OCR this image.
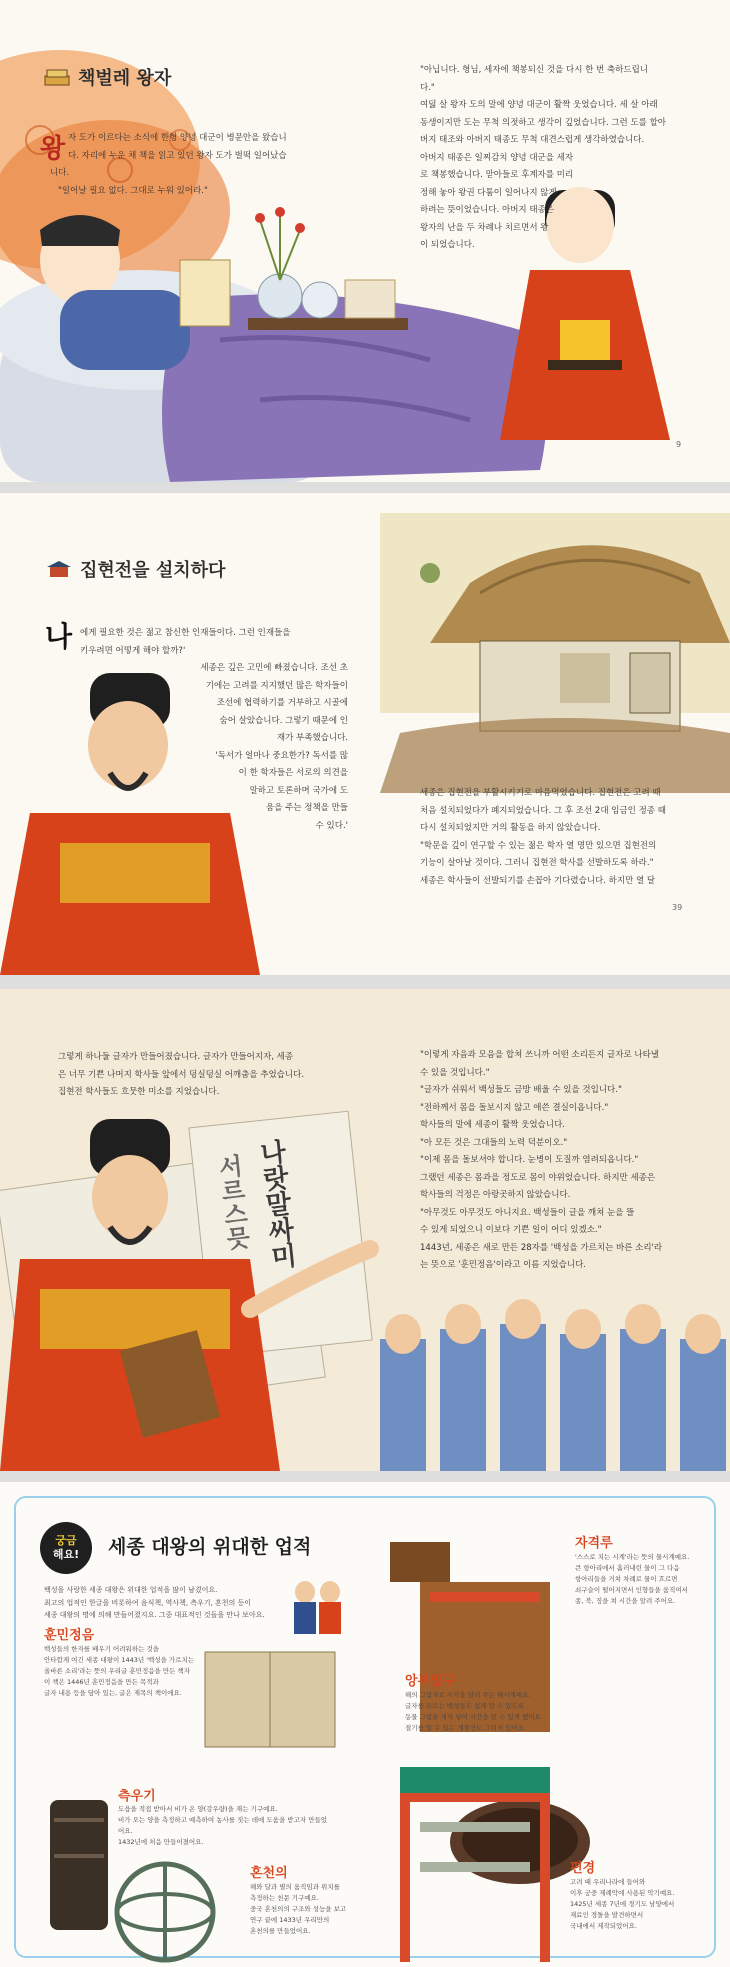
책벌레 왕자
왕 자 도가 이르다는 소식에 한형 양녕 대군이 병문안을 왔습니

다. 자리에 누운 채 책을 읽고 있던 왕자 도가 벌떡 일어났습

니다.

"일어날 필요 없다. 그대로 누워 있어라."

"아닙니다. 형님, 세자에 책봉되신 것을 다시 한 번 축하드립니

다."

여덟 살 왕자 도의 말에 양녕 대군이 활짝 웃었습니다. 세 살 아래

동생이지만 도는 무척 의젓하고 생각이 깊었습니다. 그런 도를 할아

버지 태조와 아버지 태종도 무척 대견스럽게 생각하였습니다.

아버지 태종은 일찌감치 양녕 대군을 세자

로 책봉했습니다. 맏아들로 후계자를 미리

정해 놓아 왕권 다툼이 일어나지 않게

하려는 뜻이었습니다. 아버지 태종은

왕자의 난을 두 차례나 치르면서 왕

이 되었습니다.

9
집현전을 설치하다
나 에게 필요한 것은 젊고 참신한 인재들이다. 그런 인재들을

키우려면 어떻게 해야 할까?'

세종은 깊은 고민에 빠졌습니다. 조선 초

기에는 고려를 지지했던 많은 학자들이

조선에 협력하기를 거부하고 시골에

숨어 살았습니다. 그렇기 때문에 인

재가 부족했습니다.

'독서가 얼마나 중요한가? 독서를 많

이 한 학자들은 서로의 의견을

말하고 토론하며 국가에 도

움을 주는 정책을 만들

수 있다.'

세종은 집현전을 부활시키기로 마음먹었습니다. 집현전은 고려 때

처음 설치되었다가 폐지되었습니다. 그 후 조선 2대 임금인 정종 때

다시 설치되었지만 거의 활동을 하지 않았습니다.

"학문을 깊이 연구할 수 있는 젊은 학자 열 명만 있으면 집현전의

기능이 살아날 것이다. 그러니 집현전 학사를 선발하도록 하라."

세종은 학사들이 선발되기를 손꼽아 기다렸습니다. 하지만 열 달

39
나랏말싸미
서르스믓

그렇게 하나둘 글자가 만들어졌습니다. 글자가 만들어지자, 세종

은 너무 기쁜 나머지 학사들 앞에서 덩실덩실 어깨춤을 추었습니다.

집현전 학사들도 흐뭇한 미소를 지었습니다.

"이렇게 자음과 모음을 합쳐 쓰니까 어떤 소리든지 글자로 나타낼

수 있을 것입니다."

"글자가 쉬워서 백성들도 금방 배울 수 있을 것입니다."

"전하께서 몸을 돌보시지 않고 애쓴 결실이옵니다."

학사들의 말에 세종이 활짝 웃었습니다.

"아 모든 것은 그대들의 노력 덕분이오."

"이제 몸을 돌보셔야 합니다. 눈병이 도질까 염려되옵니다."

그랬던 세종은 몸과을 정도로 몸이 야위었습니다. 하지만 세종은

학사들의 걱정은 아랑곳하지 않았습니다.

"아무것도 아무것도 아니지요. 백성들이 글을 깨쳐 눈을 뜰

수 있게 되었으니 이보다 기쁜 일이 어디 있겠소."

1443년, 세종은 새로 만든 28자를 '백성을 가르치는 바른 소리'라

는 뜻으로 '훈민정음'이라고 이름 지었습니다.

궁금
해요! 세종 대왕의 위대한 업적

백성을 사랑한 세종 대왕은 위대한 업적을 많이 남겼어요.

최고의 업적인 한글을 비롯하여 음식책, 역사책, 측우기, 혼천의 등이

세종 대왕의 명에 의해 만들어졌지요. 그중 대표적인 것들을 만나 보아요.

훈민정음

백성들의 한자를 배우기 어려워하는 것을

안타깝게 여긴 세종 대왕이 1443년 '백성을 가르치는

올바른 소리'라는 뜻의 우리글 훈민정음을 만든 책자

이 책은 1446년 훈민정음을 만든 목적과

글자 내용 등을 담아 있는, 글은 제목의 책이에요.

측우기

도읍을 적접 받아서 비가 온 양(강우량)을 재는 기구예요.

비가 오는 양을 측정하고 예측하여 농사를 짓는 데에 도움을 받고자 만들었어요.

1432년에 처음 만들어졌어요.

혼천의

해와 달과 별의 움직임과 위치를

측정하는 천문 기구예요.

중국 혼천의의 구조와 성능을 보고

연구 끝에 1433년 우리만의

혼천의를 만들었어요.

자격루

'스스로 치는 시계'라는 뜻의 물시계예요.

큰 항아리에서 흘러내린 물이 그 다음

항아리들을 거쳐 차례로 물이 흐르면

쇠구슬이 떨어지면서 인형들을 움직여서

종, 북, 징을 쳐 시간을 알려 주어요.

앙부일구

해의 그림자로 시각을 알려 주는 해시계예요.

글자를 모르는 백성들도 쉽게 알 수 있도록

동물 그림을 새겨 넣어 시간을 알 수 있게 했어요.

절기를 알 수 있는 계절선도 그려져 있어요.

편경

고려 때 우리나라에 들어와

이후 궁중 제례악에 사용된 악기예요.

1425년 세종 7년에 경기도 남양에서

재료인 경돌을 발견하면서

국내에서 제작되었어요.
